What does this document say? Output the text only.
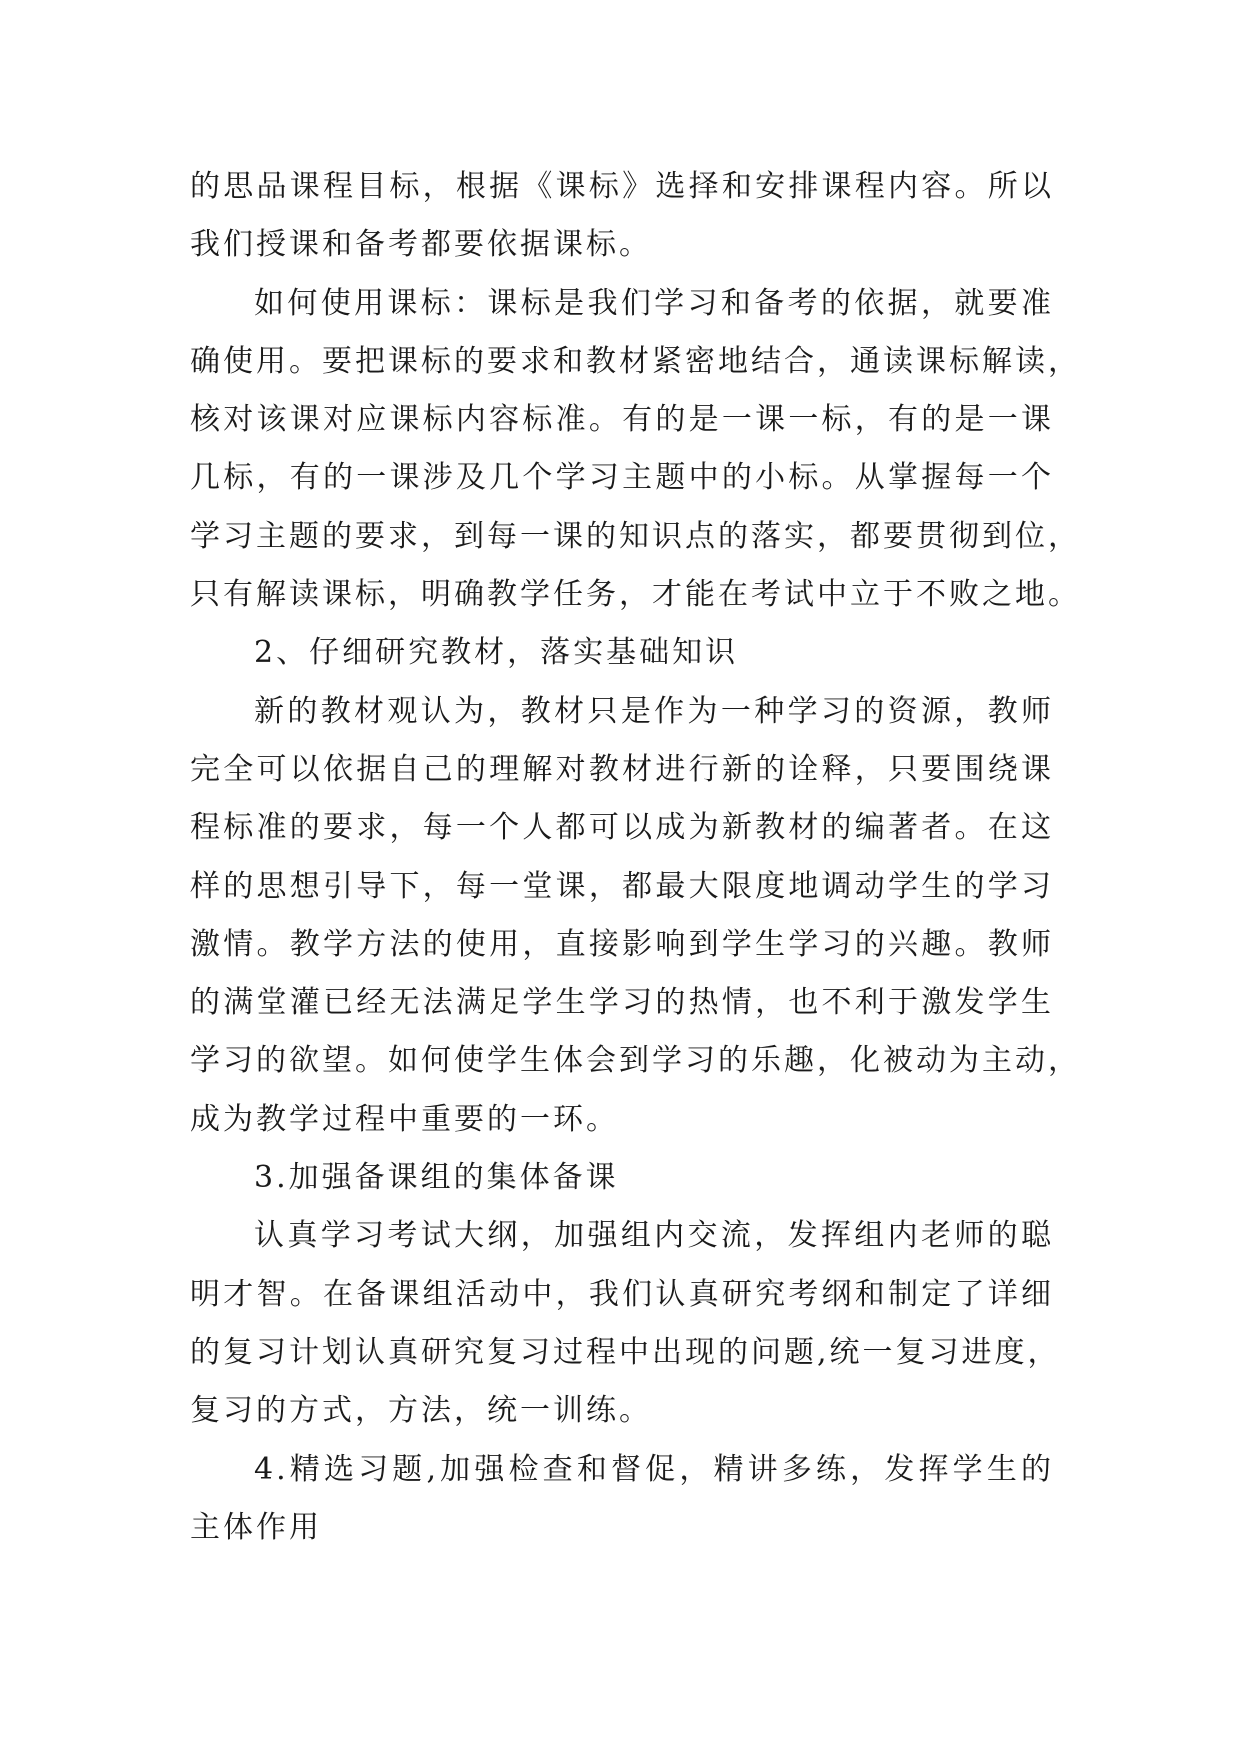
的思品课程目标，根据《课标》选择和安排课程内容。所以
我们授课和备考都要依据课标。
如何使用课标：课标是我们学习和备考的依据，就要准
确使用。要把课标的要求和教材紧密地结合，通读课标解读，
核对该课对应课标内容标准。有的是一课一标，有的是一课
几标，有的一课涉及几个学习主题中的小标。从掌握每一个
学习主题的要求，到每一课的知识点的落实，都要贯彻到位，
只有解读课标，明确教学任务，才能在考试中立于不败之地。
2、仔细研究教材，落实基础知识
新的教材观认为，教材只是作为一种学习的资源，教师
完全可以依据自己的理解对教材进行新的诠释，只要围绕课
程标准的要求，每一个人都可以成为新教材的编著者。在这
样的思想引导下，每一堂课，都最大限度地调动学生的学习
激情。教学方法的使用，直接影响到学生学习的兴趣。教师
的满堂灌已经无法满足学生学习的热情，也不利于激发学生
学习的欲望。如何使学生体会到学习的乐趣，化被动为主动，
成为教学过程中重要的一环。
3.加强备课组的集体备课
认真学习考试大纲，加强组内交流，发挥组内老师的聪
明才智。在备课组活动中，我们认真研究考纲和制定了详细
的复习计划认真研究复习过程中出现的问题,统一复习进度，
复习的方式，方法，统一训练。
4.精选习题,加强检查和督促，精讲多练，发挥学生的
主体作用
